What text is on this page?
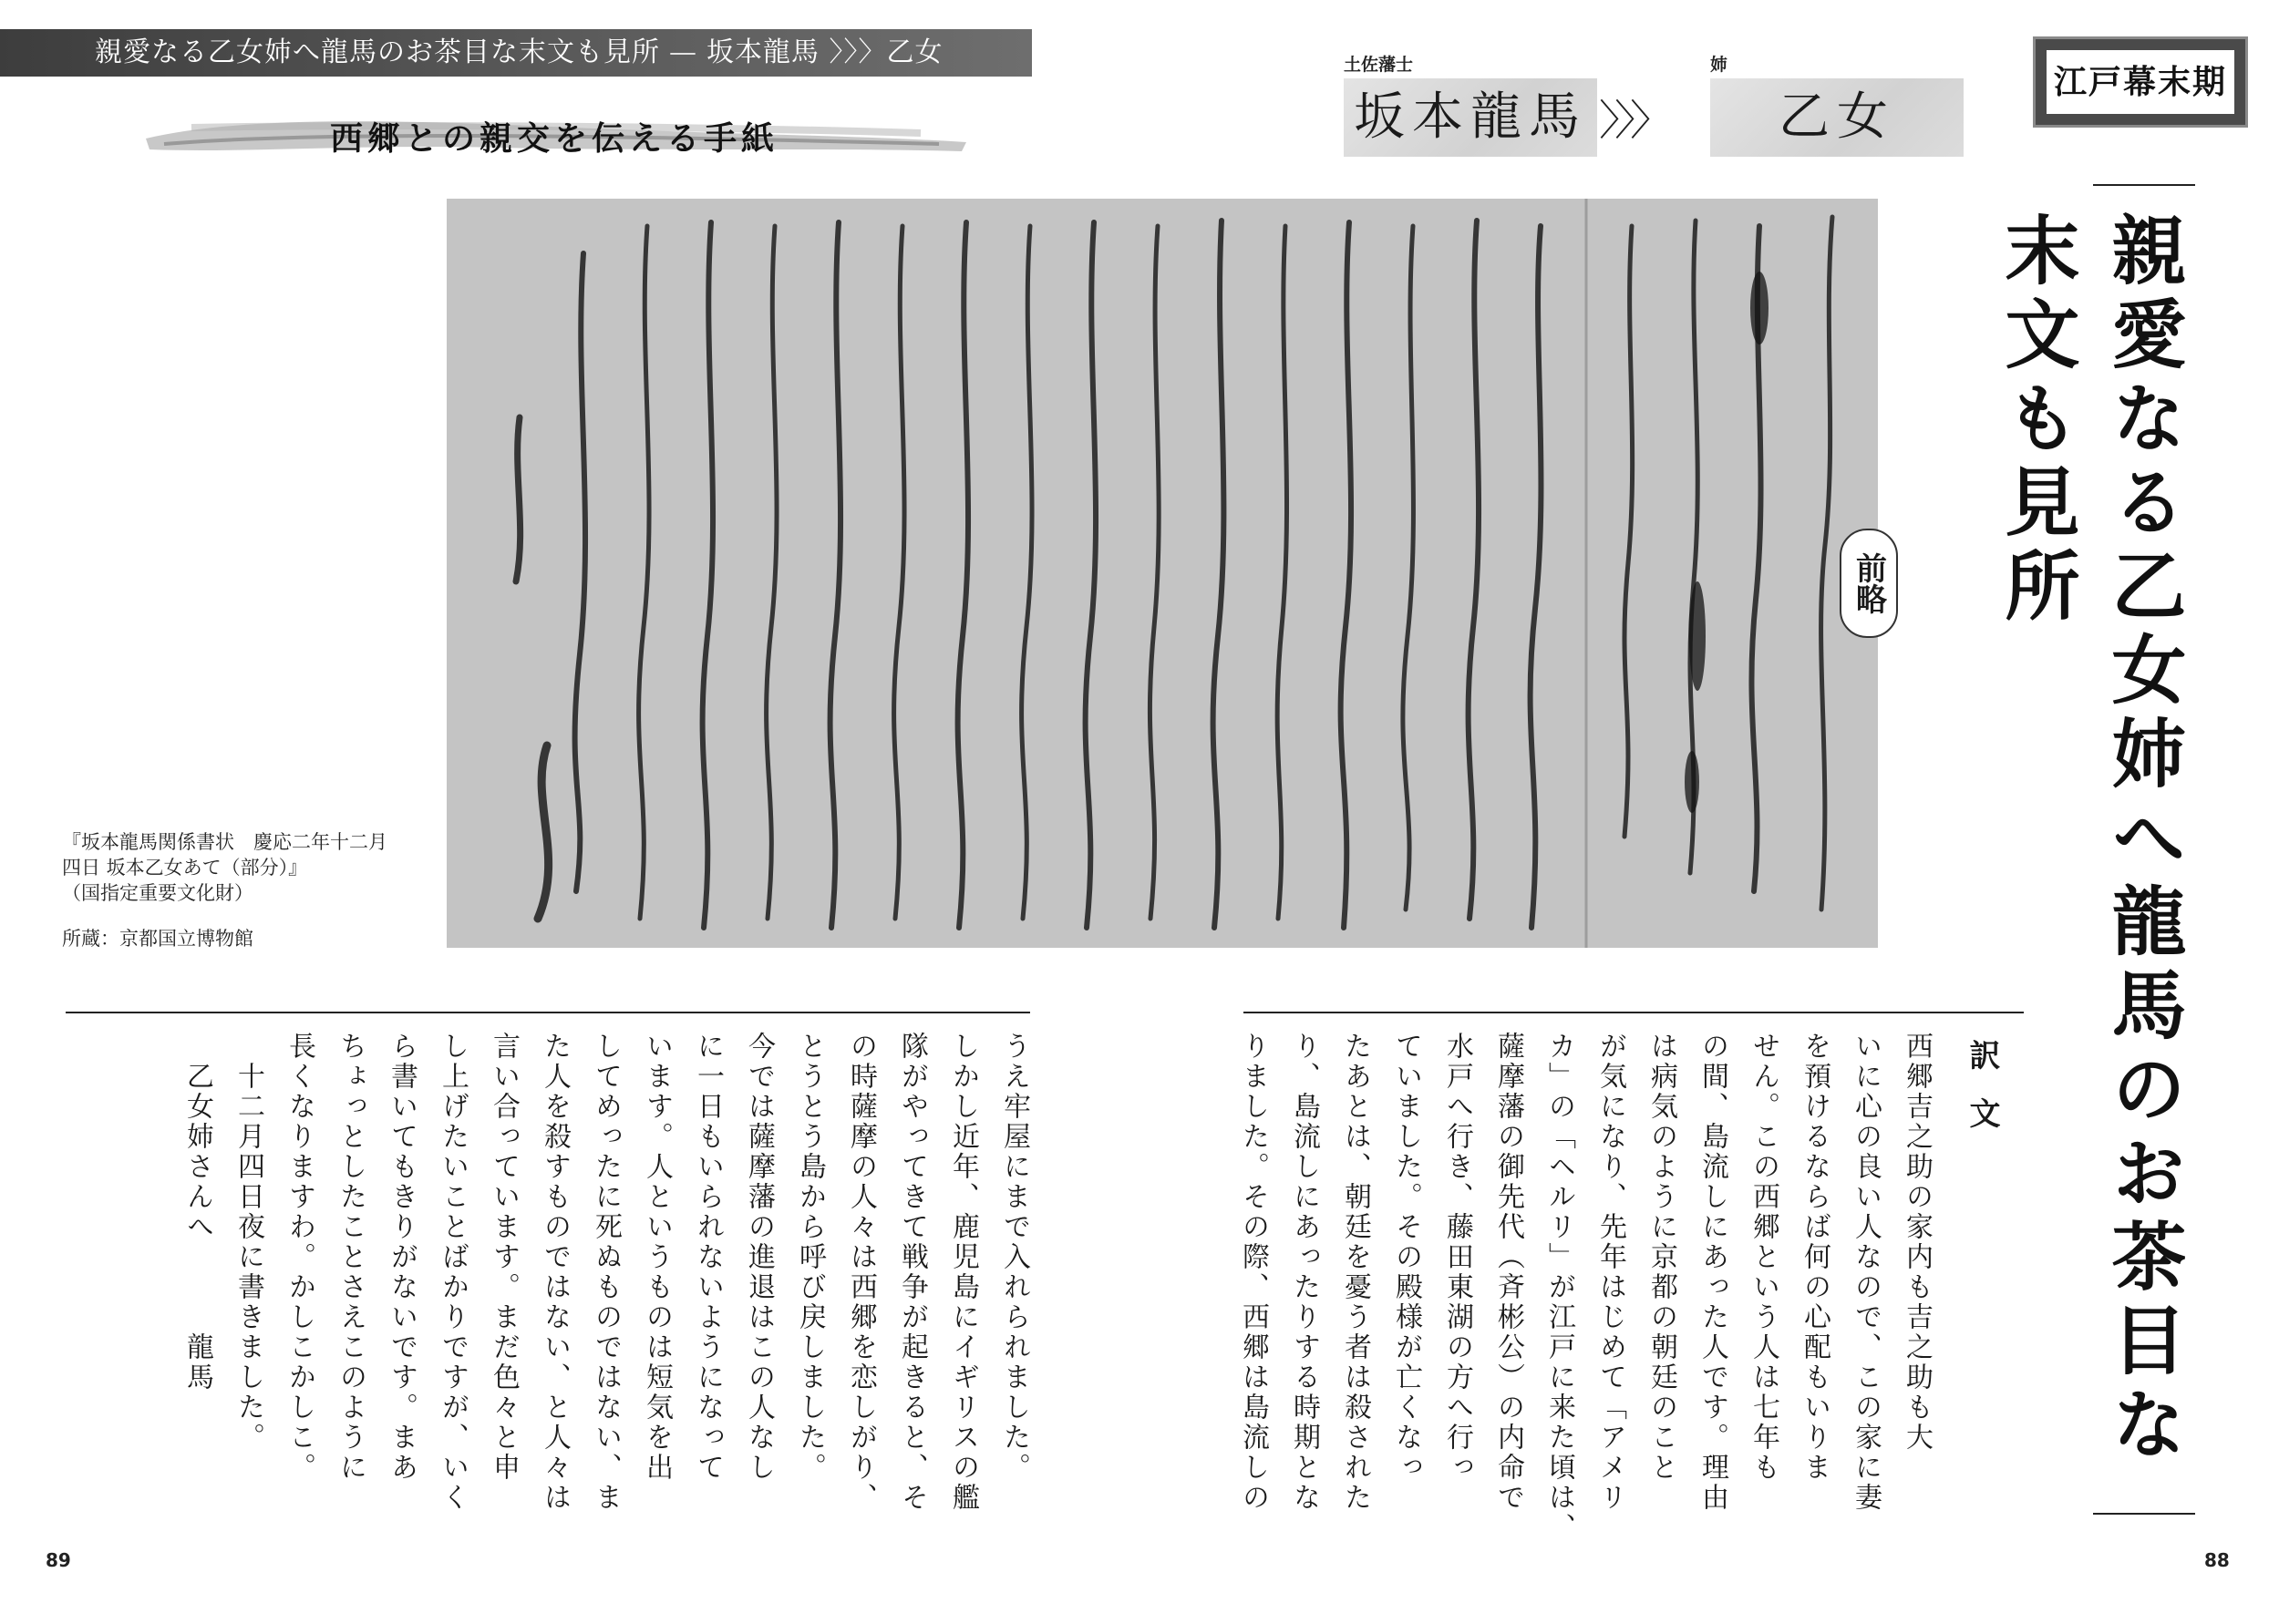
親愛なる乙女姉へ龍馬のお茶目な末文も見所 — 坂本龍馬 〉〉〉乙女
西郷との親交を伝える手紙
前略
『坂本龍馬関係書状　慶応二年十二月
四日 坂本乙女あて（部分）』
（国指定重要文化財）
所蔵：京都国立博物館
うえ牢屋にまで入れられました。
しかし近年、鹿児島にイギリスの艦
隊がやってきて戦争が起きると、そ
の時薩摩の人々は西郷を恋しがり、
とうとう島から呼び戻しました。
今では薩摩藩の進退はこの人なし
に一日もいられないようになって
います。人というものは短気を出
してめったに死ぬものではない、ま
た人を殺すものではない、と人々は
言い合っています。まだ色々と申
し上げたいことばかりですが、いく
ら書いてもきりがないです。まあ
ちょっとしたことさえこのように
長くなりますわ。かしこかしこ。
　十二月四日夜に書きました。
　乙女姉さんへ　　　龍馬
89
土佐藩士
坂本龍馬 〉〉〉
姉
乙女
江戸幕末期
親愛なる乙女姉へ龍馬のお茶目な末文も見所
訳文
西郷吉之助の家内も吉之助も大
いに心の良い人なので、この家に妻
を預けるならば何の心配もいりま
せん。この西郷という人は七年も
の間、島流しにあった人です。理由
は病気のように京都の朝廷のこと
が気になり、先年はじめて「アメリ
カ」の「ヘルリ」が江戸に来た頃は、
薩摩藩の御先代（斉彬公）の内命で
水戸へ行き、藤田東湖の方へ行っ
ていました。その殿様が亡くなっ
たあとは、朝廷を憂う者は殺された
り、島流しにあったりする時期とな
りました。その際、西郷は島流しの
88
